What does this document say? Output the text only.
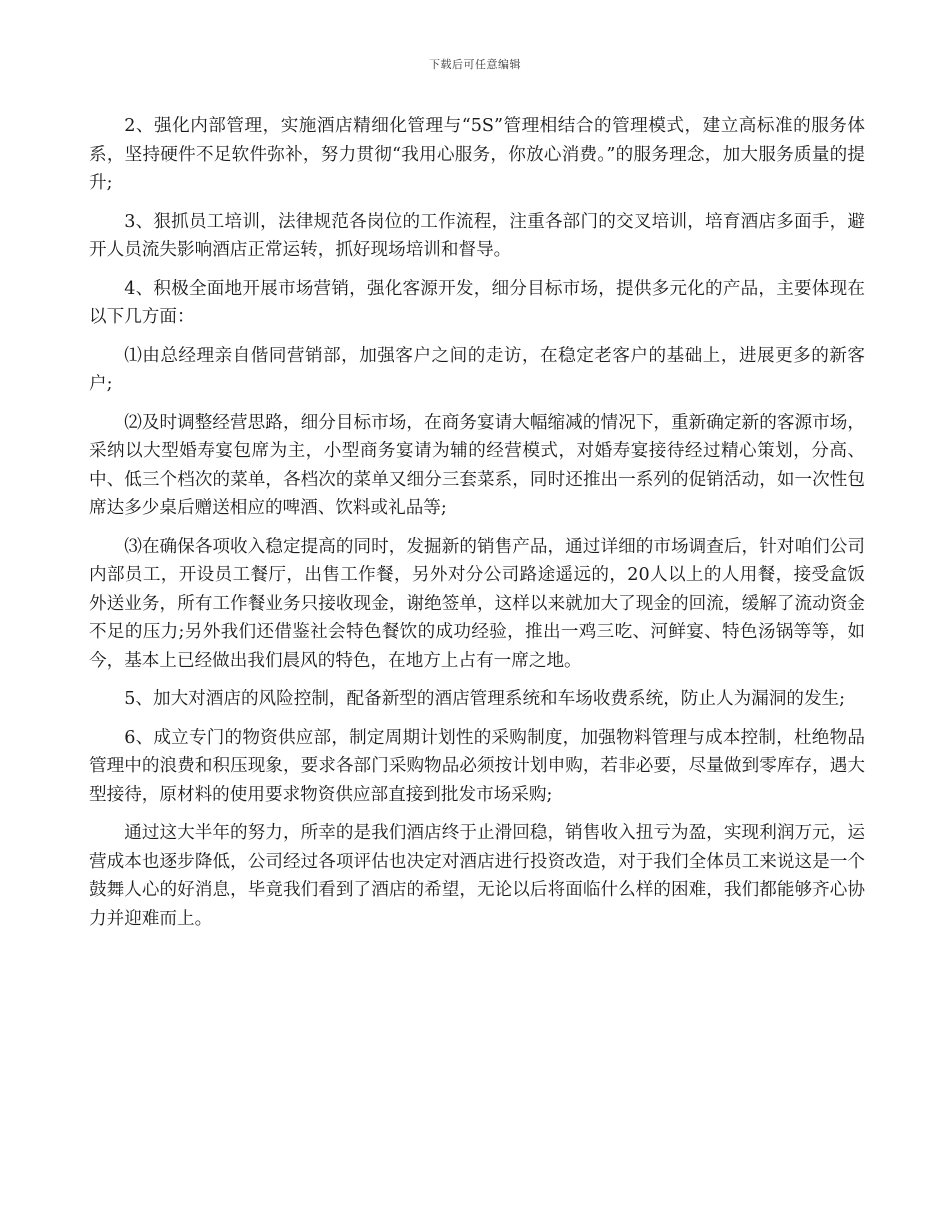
下载后可任意编辑

2、强化内部管理，实施酒店精细化管理与“5S”管理相结合的管理模式，建立高标准的服务体系，坚持硬件不足软件弥补，努力贯彻“我用心服务，你放心消费。”的服务理念，加大服务质量的提升;

3、狠抓员工培训，法律规范各岗位的工作流程，注重各部门的交叉培训，培育酒店多面手，避开人员流失影响酒店正常运转，抓好现场培训和督导。

4、积极全面地开展市场营销，强化客源开发，细分目标市场，提供多元化的产品，主要体现在以下几方面：

⑴由总经理亲自偕同营销部，加强客户之间的走访，在稳定老客户的基础上，进展更多的新客户;

⑵及时调整经营思路，细分目标市场，在商务宴请大幅缩减的情况下，重新确定新的客源市场，采纳以大型婚寿宴包席为主，小型商务宴请为辅的经营模式，对婚寿宴接待经过精心策划，分高、中、低三个档次的菜单，各档次的菜单又细分三套菜系，同时还推出一系列的促销活动，如一次性包席达多少桌后赠送相应的啤酒、饮料或礼品等;

⑶在确保各项收入稳定提高的同时，发掘新的销售产品，通过详细的市场调查后，针对咱们公司内部员工，开设员工餐厅，出售工作餐，另外对分公司路途遥远的，20人以上的人用餐，接受盒饭外送业务，所有工作餐业务只接收现金，谢绝签单，这样以来就加大了现金的回流，缓解了流动资金不足的压力;另外我们还借鉴社会特色餐饮的成功经验，推出一鸡三吃、河鲜宴、特色汤锅等等，如今，基本上已经做出我们晨风的特色，在地方上占有一席之地。

5、加大对酒店的风险控制，配备新型的酒店管理系统和车场收费系统，防止人为漏洞的发生;

6、成立专门的物资供应部，制定周期计划性的采购制度，加强物料管理与成本控制，杜绝物品管理中的浪费和积压现象，要求各部门采购物品必须按计划申购，若非必要，尽量做到零库存，遇大型接待，原材料的使用要求物资供应部直接到批发市场采购;

通过这大半年的努力，所幸的是我们酒店终于止滑回稳，销售收入扭亏为盈，实现利润万元，运营成本也逐步降低，公司经过各项评估也决定对酒店进行投资改造，对于我们全体员工来说这是一个鼓舞人心的好消息，毕竟我们看到了酒店的希望，无论以后将面临什么样的困难，我们都能够齐心协力并迎难而上。
